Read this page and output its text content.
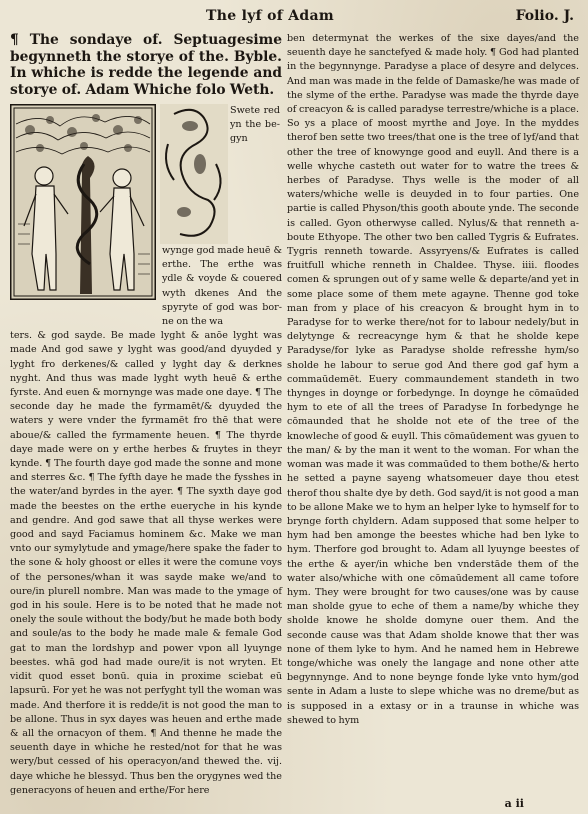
The lyf of Adam	Folio. J.

¶ The sondaye of. Septuagesime begynneth the storye of the. Byble. In whiche is redde the legende and storye of. Adam Whiche folo Weth.

Swete red yn the begyn

wynge god made heuē & erthe. The erthe was ydle & voyde & couered wyth dkenes And the spyryte of god was borne on the wa

ters. & god sayde. Be made lyght & anōe lyght was made And god sawe y lyght was good/and dyuyded y lyght fro derkenes/& called y lyght day & derknes nyght. And thus was made lyght wyth heuē & erthe fyrste. And euen & mornynge was made one daye. ¶ The seconde day he made the fyrmamēt/& dyuyded the waters y were vnder the fyrmamēt fro thē that were aboue/& called the fyrmamente heuen. ¶ The thyrde daye made were on y erthe herbes & fruytes in theyr kynde. ¶ The fourth daye god made the sonne and mone and sterres &c. ¶ The fyfth daye he made the fysshes in the water/and byrdes in the ayer. ¶ The syxth daye god made the beestes on the erthe eueryche in his kynde and gendre. And god sawe that all thyse werkes were good and sayd Faciamus hominem &c. Make we man vnto our symylytude and ymage/here spake the fader to the sone & holy ghoost or elles it were the comune voys of the persones/whan it was sayde make we/and to oure/in plurell nombre. Man was made to the ymage of god in his soule. Here is to be noted that he made not onely the soule without the body/but he made both body and soule/as to the body he made male & female God gat to man the lordshyp and power vpon all lyuynge beestes. whā god had made oure/it is not wryten. Et vidit quod esset bonū. quia in proxime sciebat eū lapsurū. For yet he was not perfyght tyll the woman was made. And therfore it is redde/it is not good the man to be allone. Thus in syx dayes was heuen and erthe made & all the ornacyon of them. ¶ And thenne he made the seuenth daye in whiche he rested/not for that he was wery/but cessed of his operacyon/and thewed the. vij. daye whiche he blessyd. Thus ben the orygynes wed the generacyons of heuen and erthe/For here

ben determynat the werkes of the sixe dayes/and the seuenth daye he sanctefyed & made holy. ¶ God had planted in the begynnynge. Paradyse a place of desyre and delyces. And man was made in the felde of Damaske/he was made of the slyme of the erthe. Paradyse was made the thyrde daye of creacyon & is called paradyse terrestre/whiche is a place. So ys a place of moost myrthe and Joye. In the myddes therof ben sette two trees/that one is the tree of lyf/and that other the tree of knowynge good and euyll. And there is a welle whyche casteth out water for to watre the trees & herbes of Paradyse. Thys welle is the moder of all waters/whiche welle is deuyded in to four parties. One partie is called Physon/this gooth aboute ynde. The seconde is called. Gyon otherwyse called. Nylus/& that renneth aboute Ethyope. The other two ben called Tygris & Eufrates. Tygris renneth towarde. Assyryens/& Eufrates is called fruitfull whiche renneth in Chaldee. Thyse. iiii. floodes comen & sprungen out of y same welle & departe/and yet in some place some of them mete agayne. Thenne god toke man from y place of his creacyon & brought hym in to Paradyse for to werke there/not for to labour nedely/but in delytynge & recreacynge hym & that he sholde kepe Paradyse/for lyke as Paradyse sholde refresshe hym/so sholde he labour to serue god And there god gaf hym a commaūdemēt. Euery commaundement standeth in two thynges in doynge or forbedynge. In doynge he cōmaūded hym to ete of all the trees of Paradyse In forbedynge he cōmaunded that he sholde not ete of the tree of the knowleche of good & euyll. This cōmaūdement was gyuen to the man/ & by the man it went to the woman. For whan the woman was made it was commaūded to them bothe/& herto he setted a payne sayeng whatsomeuer daye thou etest therof thou shalte dye by deth. God sayd/it is not good a man to be allone Make we to hym an helper lyke to hymself for to brynge forth chyldern. Adam supposed that some helper to hym had ben amonge the beestes whiche had ben lyke to hym. Therfore god brought to. Adam all lyuynge beestes of the erthe & ayer/in whiche ben vnderstāde them of the water also/whiche with one cōmaūdement all came tofore hym. They were brought for two causes/one was by cause man sholde gyue to eche of them a name/by whiche they sholde knowe he sholde domyne ouer them. And the seconde cause was that Adam sholde knowe that ther was none of them lyke to hym. And he named hem in Hebrewe tonge/whiche was onely the langage and none other atte begynnynge. And to none beynge fonde lyke vnto hym/god sente in Adam a luste to slepe whiche was no dreme/but as is supposed in a extasy or in a traunse in whiche was shewed to hym

a ii
